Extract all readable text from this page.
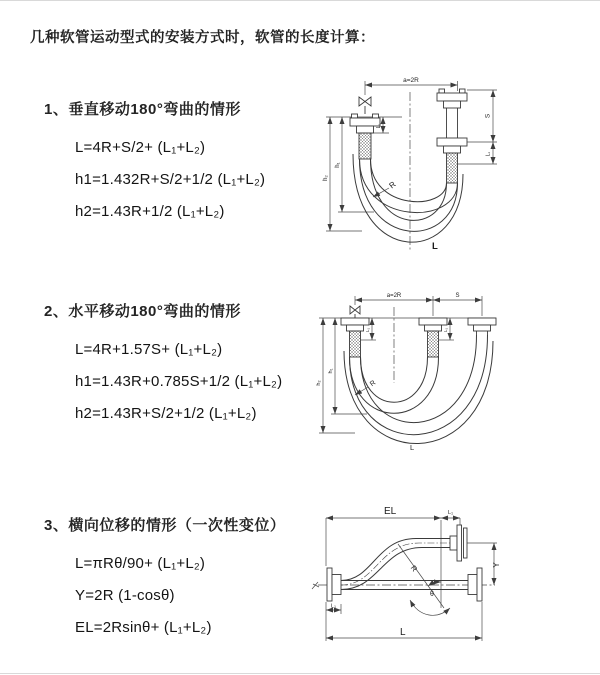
几种软管运动型式的安装方式时，软管的长度计算：
1、垂直移动180°弯曲的情形
L=4R+S/2+ (L₁+L₂)
h1=1.432R+S/2+1/2 (L₁+L₂)
h2=1.43R+1/2 (L₁+L₂)
a=2R
h₁
h₂
L₁
S
L₁
R
L
2、水平移动180°弯曲的情形
L=4R+1.57S+ (L₁+L₂)
h1=1.43R+0.785S+1/2 (L₁+L₂)
h2=1.43R+S/2+1/2 (L₁+L₂)
a=2R	S
h₁
h₂
L₁	L₁
R
L
3、横向位移的情形（一次性变位）
L=πRθ/90+ (L₁+L₂)
Y=2R (1-cosθ)
EL=2Rsinθ+ (L₁+L₂)
EL	L₁
L₁
Y
R
θ
L
